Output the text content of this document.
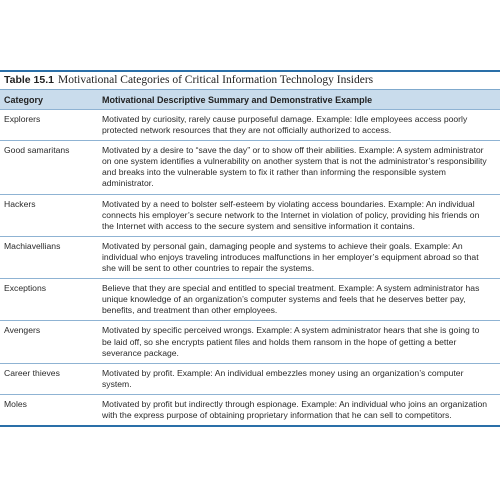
Table 15.1 Motivational Categories of Critical Information Technology Insiders
Category	Motivational Descriptive Summary and Demonstrative Example
Explorers	Motivated by curiosity, rarely cause purposeful damage. Example: Idle employees access poorly protected network resources that they are not officially authorized to access.
Good samaritans	Motivated by a desire to “save the day” or to show off their abilities. Example: A system administrator on one system identifies a vulnerability on another system that is not the administrator’s responsibility and breaks into the vulnerable system to fix it rather than informing the responsible system administrator.
Hackers	Motivated by a need to bolster self-esteem by violating access boundaries. Example: An individual connects his employer’s secure network to the Internet in violation of policy, providing his friends on the Internet with access to the secure system and sensitive information it contains.
Machiavellians	Motivated by personal gain, damaging people and systems to achieve their goals. Example: An individual who enjoys traveling introduces malfunctions in her employer’s equipment abroad so that she will be sent to other countries to repair the systems.
Exceptions	Believe that they are special and entitled to special treatment. Example: A system administrator has unique knowledge of an organization’s computer systems and feels that he deserves better pay, benefits, and treatment than other employees.
Avengers	Motivated by specific perceived wrongs. Example: A system administrator hears that she is going to be laid off, so she encrypts patient files and holds them ransom in the hope of getting a better severance package.
Career thieves	Motivated by profit. Example: An individual embezzles money using an organization’s computer system.
Moles	Motivated by profit but indirectly through espionage. Example: An individual who joins an organization with the express purpose of obtaining proprietary information that he can sell to competitors.
